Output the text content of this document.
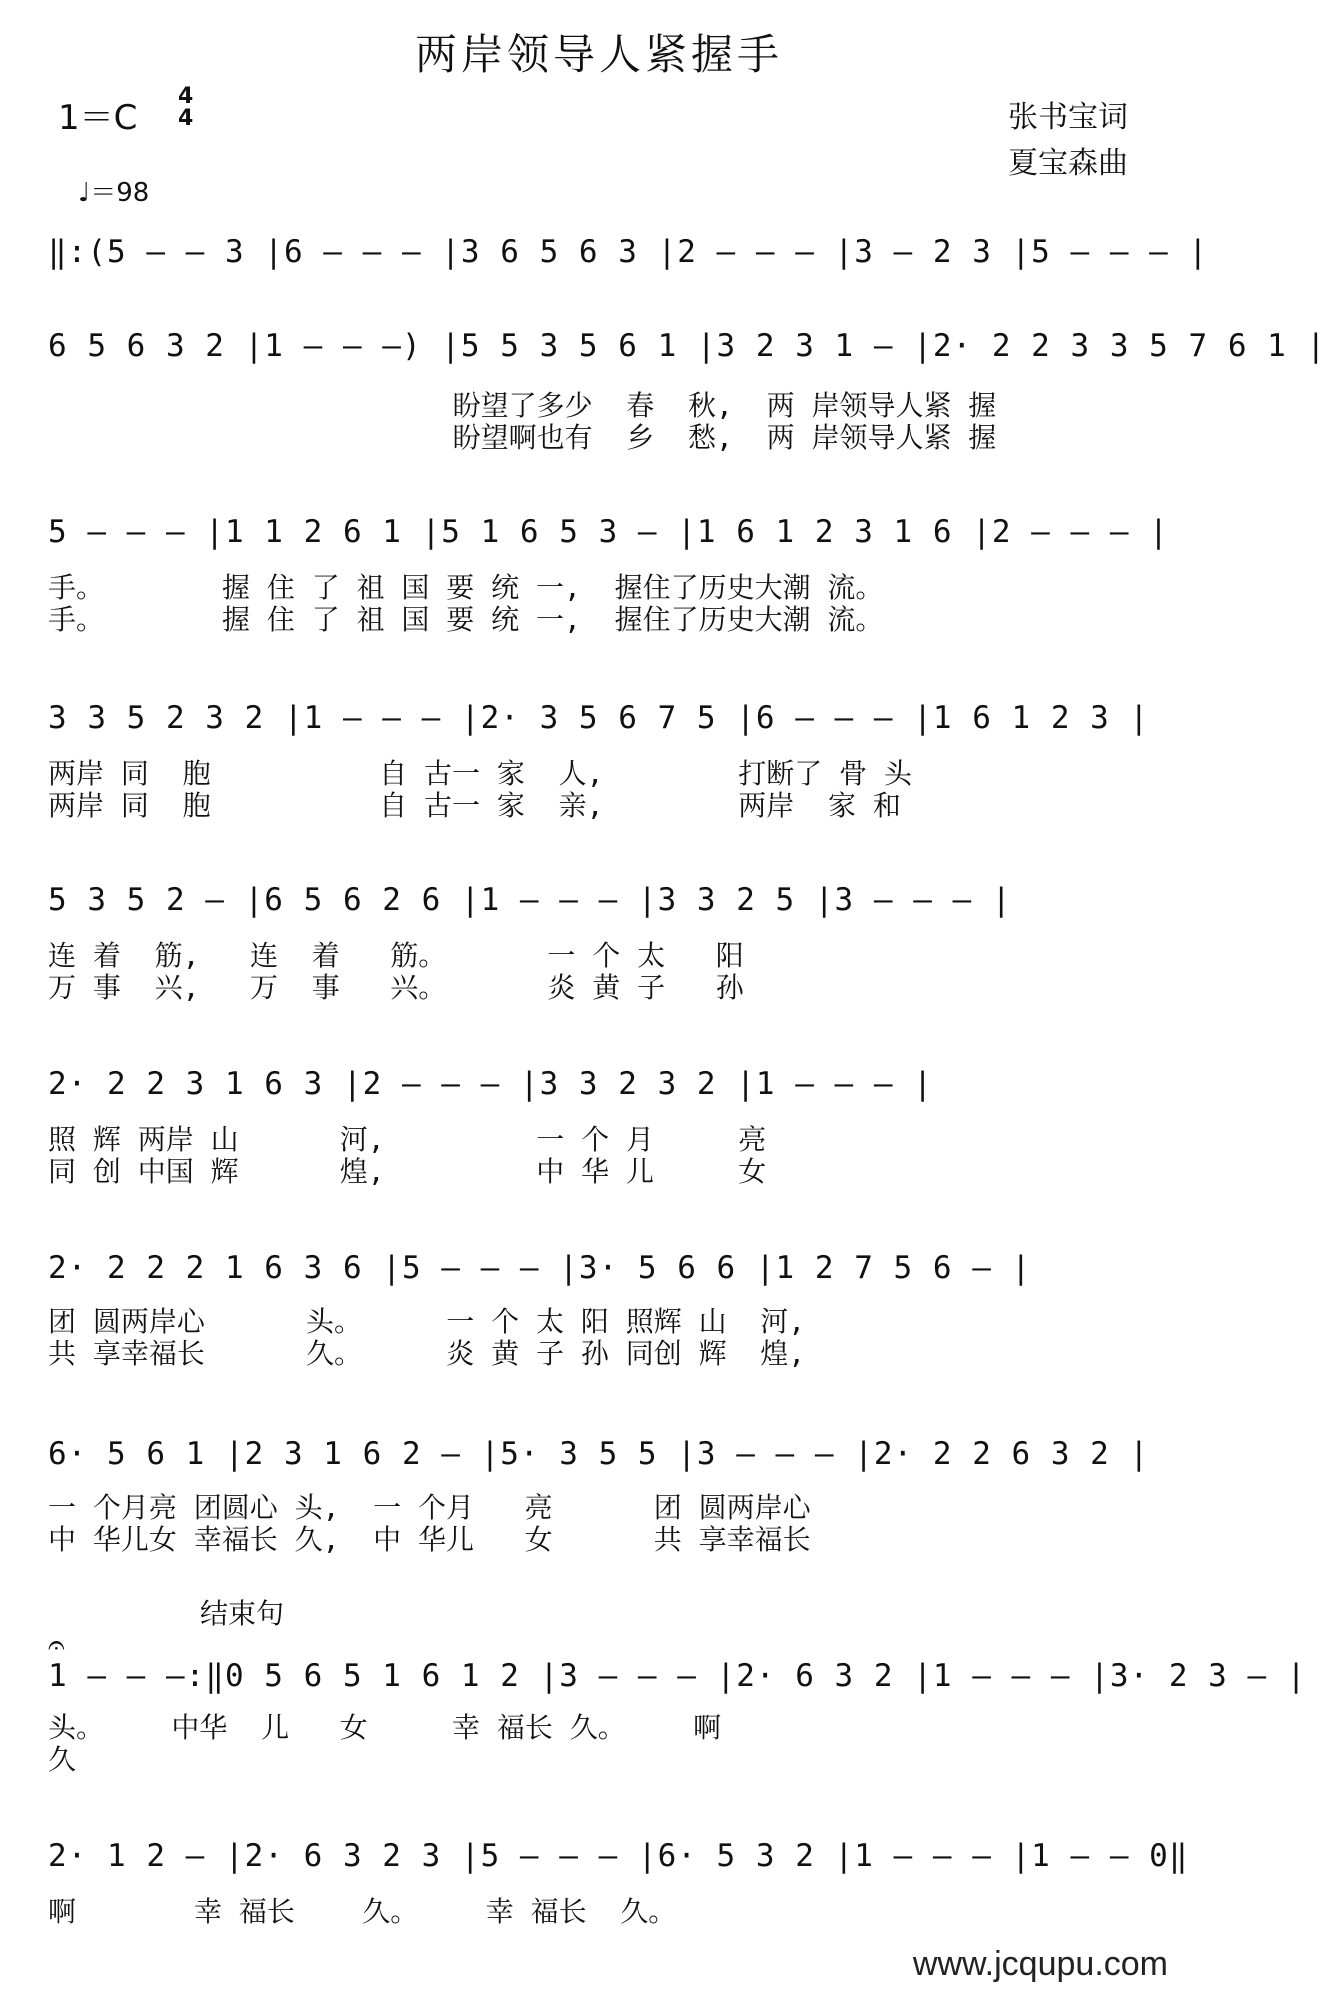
两岸领导人紧握手
1＝C
4
4
♩＝98
张书宝词
夏宝森曲
‖:(5 — — 3 |6 — — — |3 6 5 6 3 |2 — — — |3 — 2 3 |5 — — — |
6 5 6 3 2 |1 — — —) |5 5 3 5 6 1 |3 2 3 1 — |2· 2 2 3 3 5 7 6 1 |
盼望了多少  春  秋,  两 岸领导人紧 握
盼望啊也有  乡  愁,  两 岸领导人紧 握
5 — — — |1 1 2 6 1 |5 1 6 5 3 — |1 6 1 2 3 1 6 |2 — — — |
手。       握 住 了 祖 国 要 统 一,  握住了历史大潮 流。
手。       握 住 了 祖 国 要 统 一,  握住了历史大潮 流。
3 3 5 2 3 2 |1 — — — |2· 3 5 6 7 5 |6 — — — |1 6 1 2 3 |
两岸 同  胞          自 古一 家  人,        打断了 骨 头
两岸 同  胞          自 古一 家  亲,        两岸  家 和
5 3 5 2 — |6 5 6 2 6 |1 — — — |3 3 2 5 |3 — — — |
连 着  筋,   连  着   筋。      一 个 太   阳
万 事  兴,   万  事   兴。      炎 黄 子   孙
2· 2 2 3 1 6 3 |2 — — — |3 3 2 3 2 |1 — — — |
照 辉 两岸 山      河,         一 个 月     亮
同 创 中国 辉      煌,         中 华 儿     女
2· 2 2 2 1 6 3 6 |5 — — — |3· 5 6 6 |1 2 7 5 6 — |
团 圆两岸心      头。     一 个 太 阳 照辉 山  河,
共 享幸福长      久。     炎 黄 子 孙 同创 辉  煌,
6· 5 6 1 |2 3 1 6 2 — |5· 3 5 5 |3 — — — |2· 2 2 6 3 2 |
一 个月亮 团圆心 头,  一 个月   亮      团 圆两岸心
中 华儿女 幸福长 久,  中 华儿   女      共 享幸福长
结束句
𝄐
1 — — —:‖0 5 6 5 1 6 1 2 |3 — — — |2· 6 3 2 |1 — — — |3· 2 3 — |
头。    中华  儿   女     幸 福长 久。    啊
久
2· 1 2 — |2· 6 3 2 3 |5 — — — |6· 5 3 2 |1 — — — |1 — — 0‖
啊       幸 福长    久。    幸 福长  久。
www.jcqupu.com
